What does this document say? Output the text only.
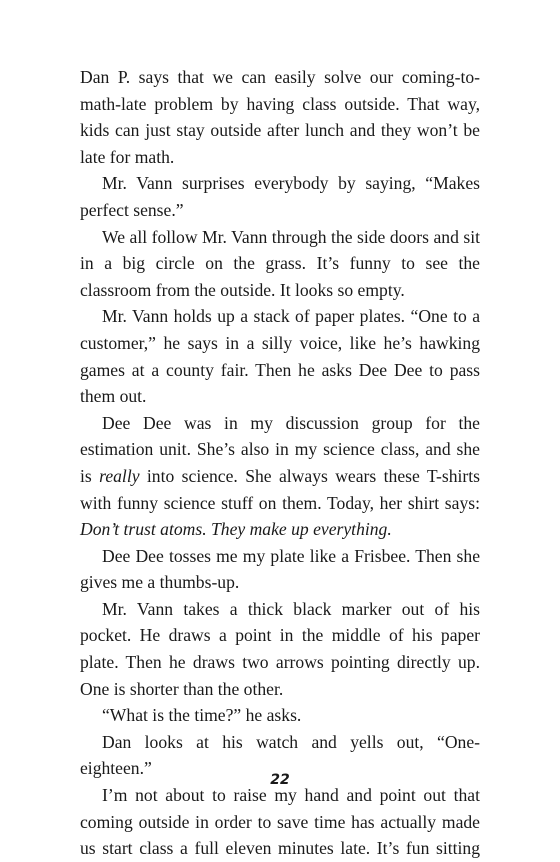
Dan P. says that we can easily solve our coming-to-math-late problem by having class outside. That way, kids can just stay outside after lunch and they won’t be late for math.

Mr. Vann surprises everybody by saying, “Makes perfect sense.”

We all follow Mr. Vann through the side doors and sit in a big circle on the grass. It’s funny to see the classroom from the outside. It looks so empty.

Mr. Vann holds up a stack of paper plates. “One to a customer,” he says in a silly voice, like he’s hawking games at a county fair. Then he asks Dee Dee to pass them out.

Dee Dee was in my discussion group for the estimation unit. She’s also in my science class, and she is really into science. She always wears these T-shirts with funny science stuff on them. Today, her shirt says: Don’t trust atoms. They make up everything.

Dee Dee tosses me my plate like a Frisbee. Then she gives me a thumbs-up.

Mr. Vann takes a thick black marker out of his pocket. He draws a point in the middle of his paper plate. Then he draws two arrows pointing directly up. One is shorter than the other.

“What is the time?” he asks.

Dan looks at his watch and yells out, “One-eighteen.”

I’m not about to raise my hand and point out that coming outside in order to save time has actually made us start class a full eleven minutes late. It’s fun sitting

22
